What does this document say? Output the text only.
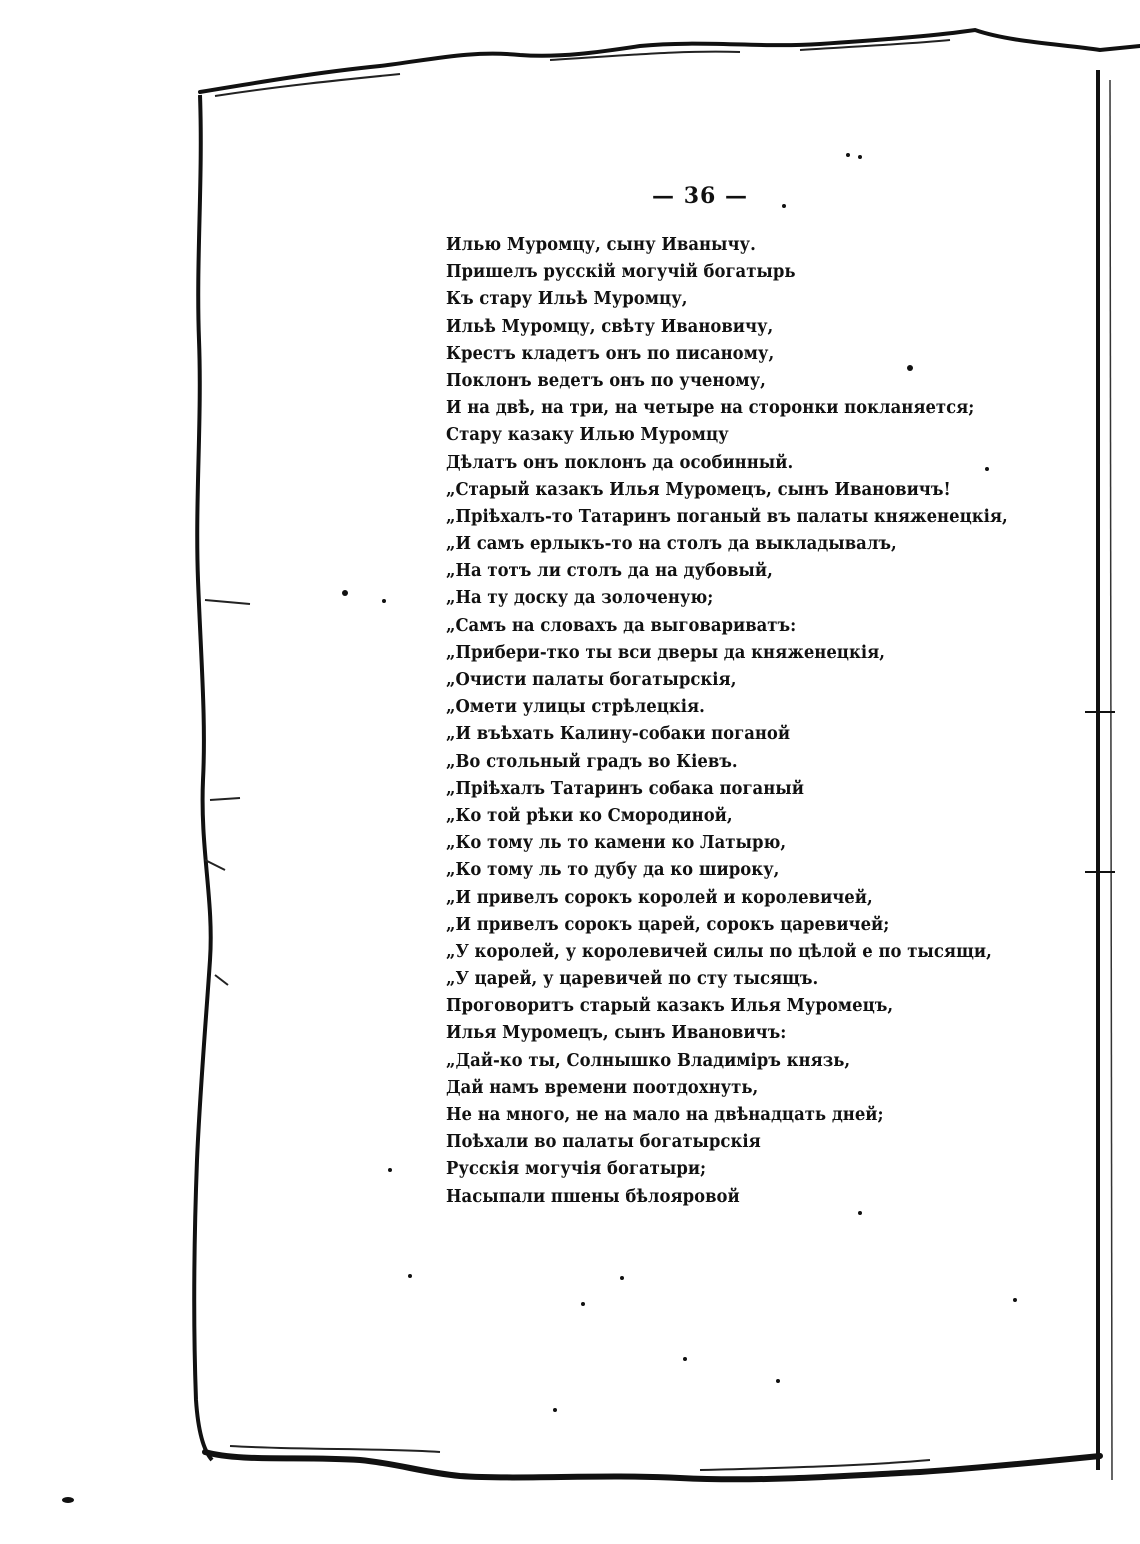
— 36 —
Илью Муромцу, сыну Иванычу.
Пришелъ русскій могучій богатырь
Къ стару Ильѣ Муромцу,
Ильѣ Муромцу, свѣту Ивановичу,
Крестъ кладетъ онъ по писаному,
Поклонъ ведетъ онъ по ученому,
И на двѣ, на три, на четыре на сторонки покланяется;
Стару казаку Илью Муромцу
Дѣлатъ онъ поклонъ да особинный.
„Старый казакъ Илья Муромецъ, сынъ Ивановичъ!
„Пріѣхалъ-то Татаринъ поганый въ палаты княженецкія,
„И самъ ерлыкъ-то на столъ да выкладывалъ,
„На тотъ ли столъ да на дубовый,
„На ту доску да золоченую;
„Самъ на словахъ да выговариватъ:
„Прибери-тко ты вси дверы да княженецкія,
„Очисти палаты богатырскія,
„Омети улицы стрѣлецкія.
„И въѣхать Калину-собаки поганой
„Во стольный градъ во Кіевъ.
„Пріѣхалъ Татаринъ собака поганый
„Ко той рѣки ко Смородиной,
„Ко тому ль то камени ко Латырю,
„Ко тому ль то дубу да ко широку,
„И привелъ сорокъ королей и королевичей,
„И привелъ сорокъ царей, сорокъ царевичей;
„У королей, у королевичей силы по цѣлой е по тысящи,
„У царей, у царевичей по сту тысящъ.
Проговоритъ старый казакъ Илья Муромецъ,
Илья Муромецъ, сынъ Ивановичъ:
„Дай-ко ты, Солнышко Владиміръ князь,
Дай намъ времени поотдохнуть,
Не на много, не на мало на двѣнадцать дней;
Поѣхали во палаты богатырскія
Русскія могучія богатыри;
Насыпали пшены бѣлояровой
